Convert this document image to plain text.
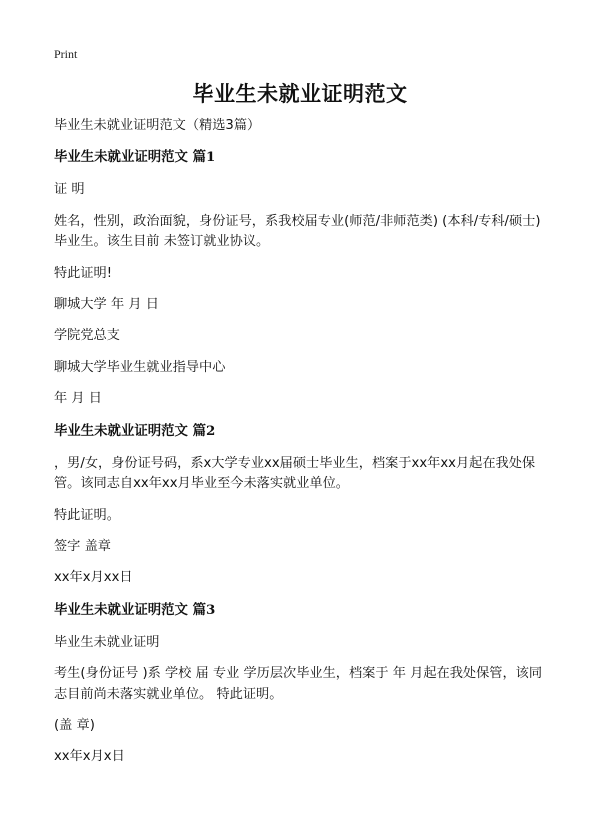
Print
毕业生未就业证明范文

毕业生未就业证明范文（精选3篇）

毕业生未就业证明范文 篇1

证 明

姓名，性别，政治面貌，身份证号，系我校届专业(师范/非师范类) (本科/专科/硕士)毕业生。该生目前 未签订就业协议。

特此证明!

聊城大学 年 月 日

学院党总支

聊城大学毕业生就业指导中心

年 月 日

毕业生未就业证明范文 篇2

，男/女，身份证号码，系x大学专业xx届硕士毕业生，档案于xx年xx月起在我处保管。该同志自xx年xx月毕业至今未落实就业单位。

特此证明。

签字 盖章

xx年x月xx日

毕业生未就业证明范文 篇3

毕业生未就业证明

考生(身份证号 )系 学校 届 专业 学历层次毕业生，档案于 年 月起在我处保管，该同志目前尚未落实就业单位。 特此证明。

(盖 章)

xx年x月x日
